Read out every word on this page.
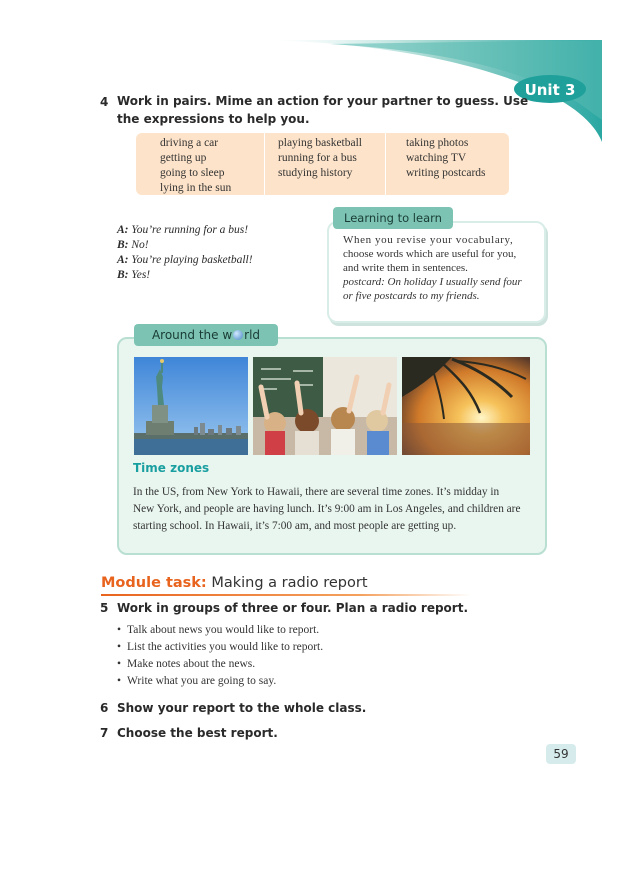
Unit 3
4 Work in pairs. Mime an action for your partner to guess. Use
the expressions to help you.
driving a car
getting up
going to sleep
lying in the sun
playing basketball
running for a bus
studying history
taking photos
watching TV
writing postcards
A: You’re running for a bus!
B: No!
A: You’re playing basketball!
B: Yes!
Learning to learn
When you revise your vocabulary,
choose words which are useful for you,
and write them in sentences.
postcard: On holiday I usually send four
or five postcards to my friends.
Around the w rld
Time zones
In the US, from New York to Hawaii, there are several time zones. It’s midday in
New York, and people are having lunch. It’s 9:00 am in Los Angeles, and children are
starting school. In Hawaii, it’s 7:00 am, and most people are getting up.
Module task: Making a radio report
5 Work in groups of three or four. Plan a radio report.
• Talk about news you would like to report.
• List the activities you would like to report.
• Make notes about the news.
• Write what you are going to say.
6 Show your report to the whole class.
7 Choose the best report.
59
